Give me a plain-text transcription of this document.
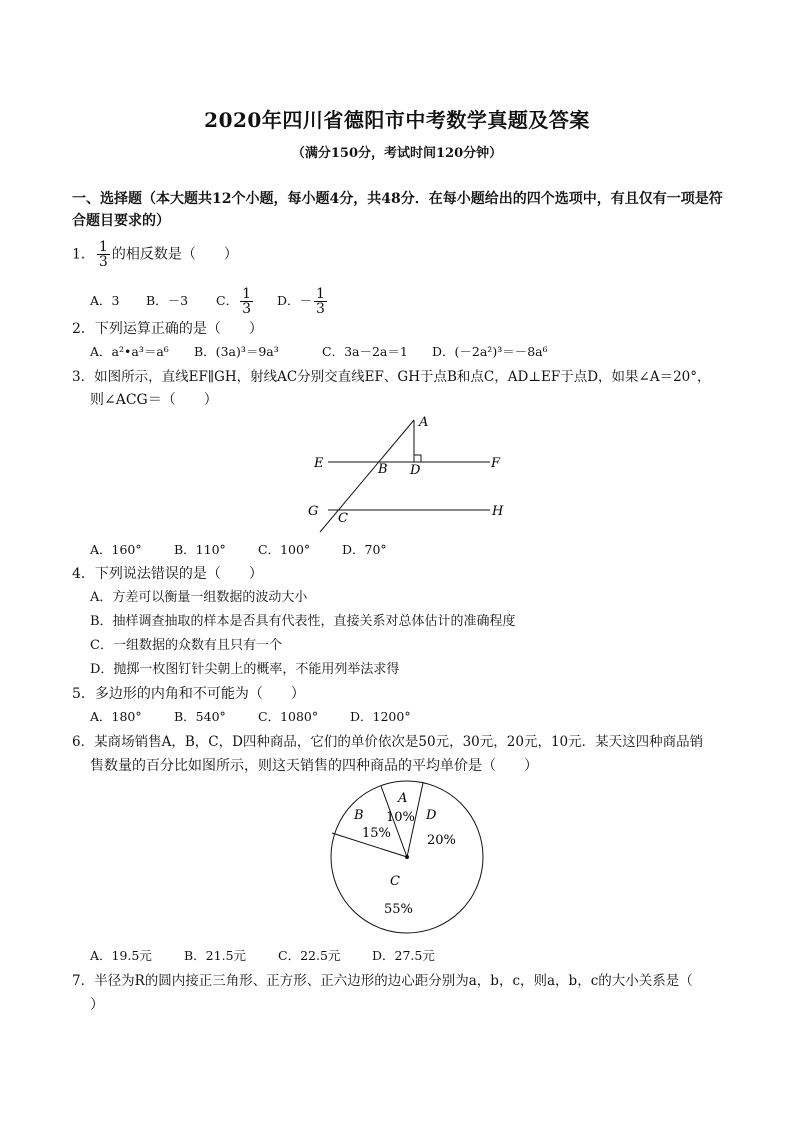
2020年四川省德阳市中考数学真题及答案
（满分150分，考试时间120分钟）
一、选择题（本大题共12个小题，每小题4分，共48分．在每小题给出的四个选项中，有且仅有一项是符合题目要求的）
1． $\frac{1}{3}$ 的相反数是（　　）
A．3 B．－3 C． $\frac{1}{3}$ D．－ $\frac{1}{3}$
2．下列运算正确的是（　　）
A．a²•a³＝a⁶ B．(3a)³＝9a³	C．3a－2a＝1 D．(－2a²)³＝－8a⁶
3．如图所示，直线EF∥GH，射线AC分别交直线EF、GH于点B和点C，AD⊥EF于点D，如果∠A＝20°，
则∠ACG＝（　　）
A
B D
E	F
G	H
C
A．160°	B．110°	C．100°	D．70°
4．下列说法错误的是（　　）
A．方差可以衡量一组数据的波动大小
B．抽样调查抽取的样本是否具有代表性，直接关系对总体估计的准确程度
C．一组数据的众数有且只有一个
D．抛掷一枚图钉针尖朝上的概率，不能用列举法求得
5．多边形的内角和不可能为（　　）
A．180°	B．540°	C．1080°	D．1200°
6．某商场销售A，B，C，D四种商品，它们的单价依次是50元，30元，20元，10元．某天这四种商品销
售数量的百分比如图所示，则这天销售的四种商品的平均单价是（　　）
A
10%
B
15%
D
20%
C
55%
A．19.5元	B．21.5元	C．22.5元	D．27.5元
7．半径为R的圆内接正三角形、正方形、正六边形的边心距分别为a，b，c，则a，b，c的大小关系是（
）
